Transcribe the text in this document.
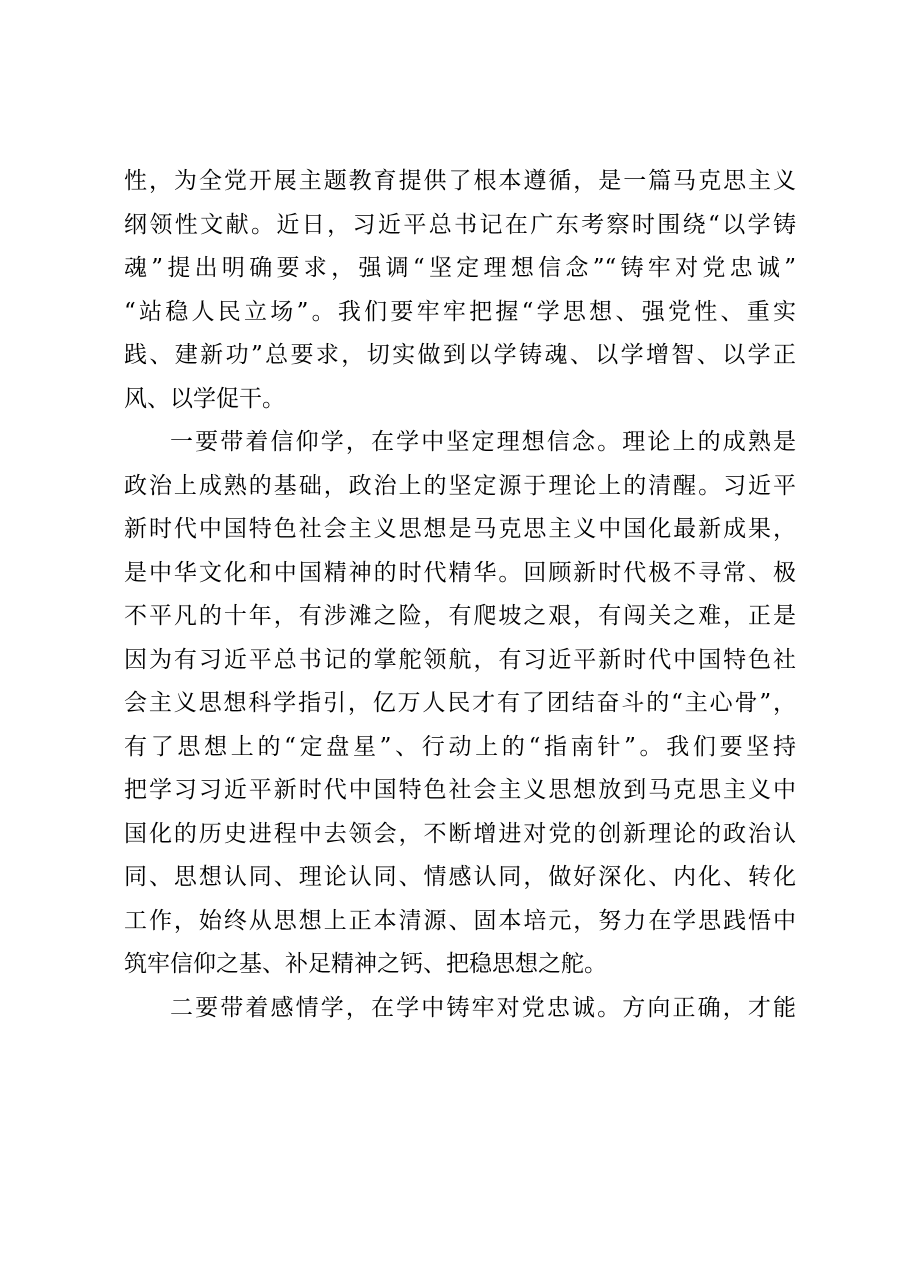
性，为全党开展主题教育提供了根本遵循，是一篇马克思主义
纲领性文献。近日，习近平总书记在广东考察时围绕“以学铸
魂”提出明确要求，强调“坚定理想信念”“铸牢对党忠诚”
“站稳人民立场”。我们要牢牢把握“学思想、强党性、重实
践、建新功”总要求，切实做到以学铸魂、以学增智、以学正
风、以学促干。
一要带着信仰学，在学中坚定理想信念。理论上的成熟是
政治上成熟的基础，政治上的坚定源于理论上的清醒。习近平
新时代中国特色社会主义思想是马克思主义中国化最新成果，
是中华文化和中国精神的时代精华。回顾新时代极不寻常、极
不平凡的十年，有涉滩之险，有爬坡之艰，有闯关之难，正是
因为有习近平总书记的掌舵领航，有习近平新时代中国特色社
会主义思想科学指引，亿万人民才有了团结奋斗的“主心骨”，
有了思想上的“定盘星”、行动上的“指南针”。我们要坚持
把学习习近平新时代中国特色社会主义思想放到马克思主义中
国化的历史进程中去领会，不断增进对党的创新理论的政治认
同、思想认同、理论认同、情感认同，做好深化、内化、转化
工作，始终从思想上正本清源、固本培元，努力在学思践悟中
筑牢信仰之基、补足精神之钙、把稳思想之舵。
二要带着感情学，在学中铸牢对党忠诚。方向正确，才能
